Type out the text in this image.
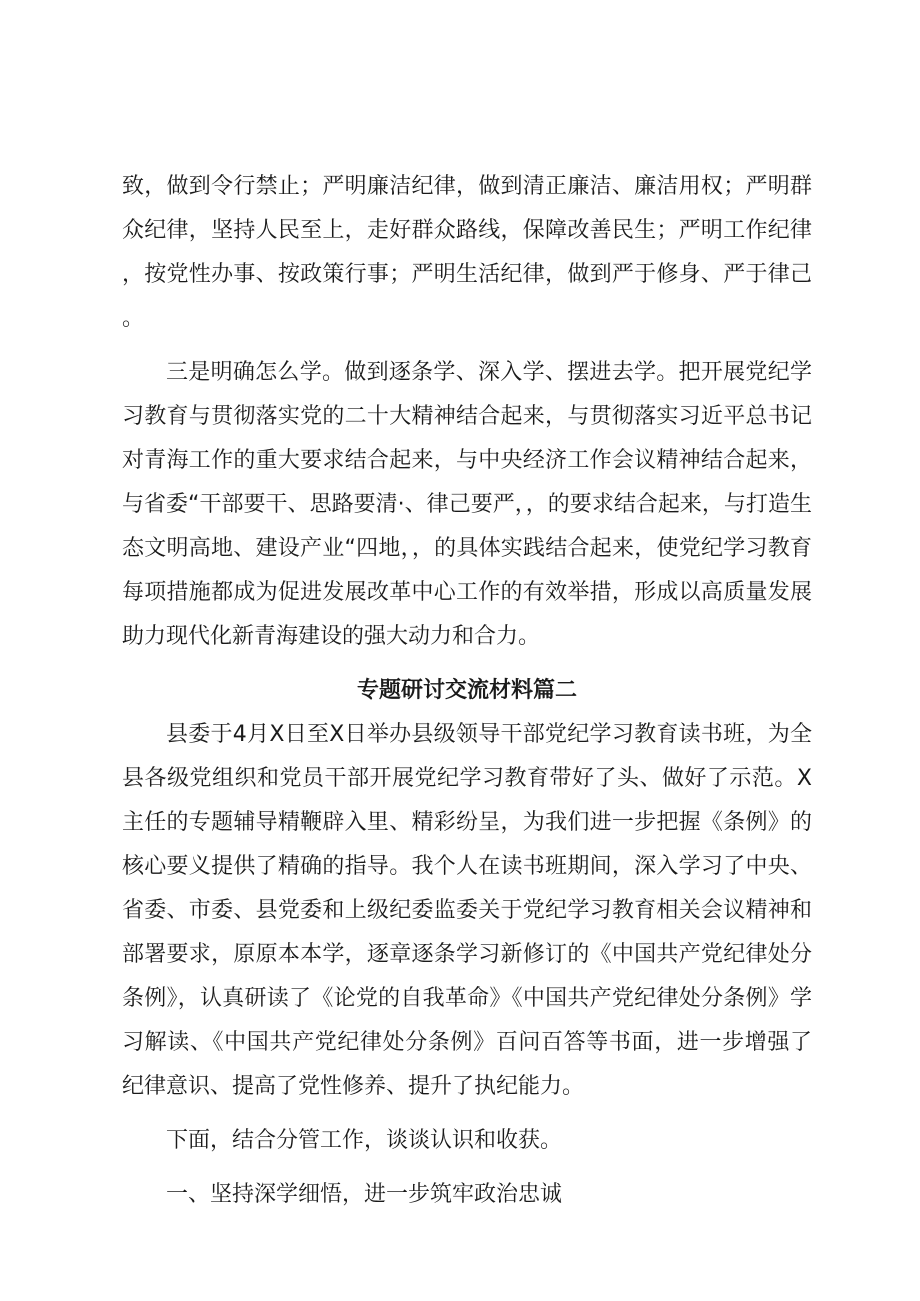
致，做到令行禁止；严明廉洁纪律，做到清正廉洁、廉洁用权；严明群众纪律，坚持人民至上，走好群众路线，保障改善民生；严明工作纪律，按党性办事、按政策行事；严明生活纪律，做到严于修身、严于律己。

三是明确怎么学。做到逐条学、深入学、摆进去学。把开展党纪学习教育与贯彻落实党的二十大精神结合起来，与贯彻落实习近平总书记对青海工作的重大要求结合起来，与中央经济工作会议精神结合起来，与省委“干部要干、思路要清·、律己要严，，的要求结合起来，与打造生态文明高地、建设产业“四地，，的具体实践结合起来，使党纪学习教育每项措施都成为促进发展改革中心工作的有效举措，形成以高质量发展助力现代化新青海建设的强大动力和合力。

专题研讨交流材料篇二

县委于4月X日至X日举办县级领导干部党纪学习教育读书班，为全县各级党组织和党员干部开展党纪学习教育带好了头、做好了示范。X主任的专题辅导精鞭辟入里、精彩纷呈，为我们进一步把握《条例》的核心要义提供了精确的指导。我个人在读书班期间，深入学习了中央、省委、市委、县党委和上级纪委监委关于党纪学习教育相关会议精神和部署要求，原原本本学，逐章逐条学习新修订的《中国共产党纪律处分条例》，认真研读了《论党的自我革命》《中国共产党纪律处分条例》学习解读、《中国共产党纪律处分条例》百问百答等书面，进一步增强了纪律意识、提高了党性修养、提升了执纪能力。

下面，结合分管工作，谈谈认识和收获。

一、坚持深学细悟，进一步筑牢政治忠诚
